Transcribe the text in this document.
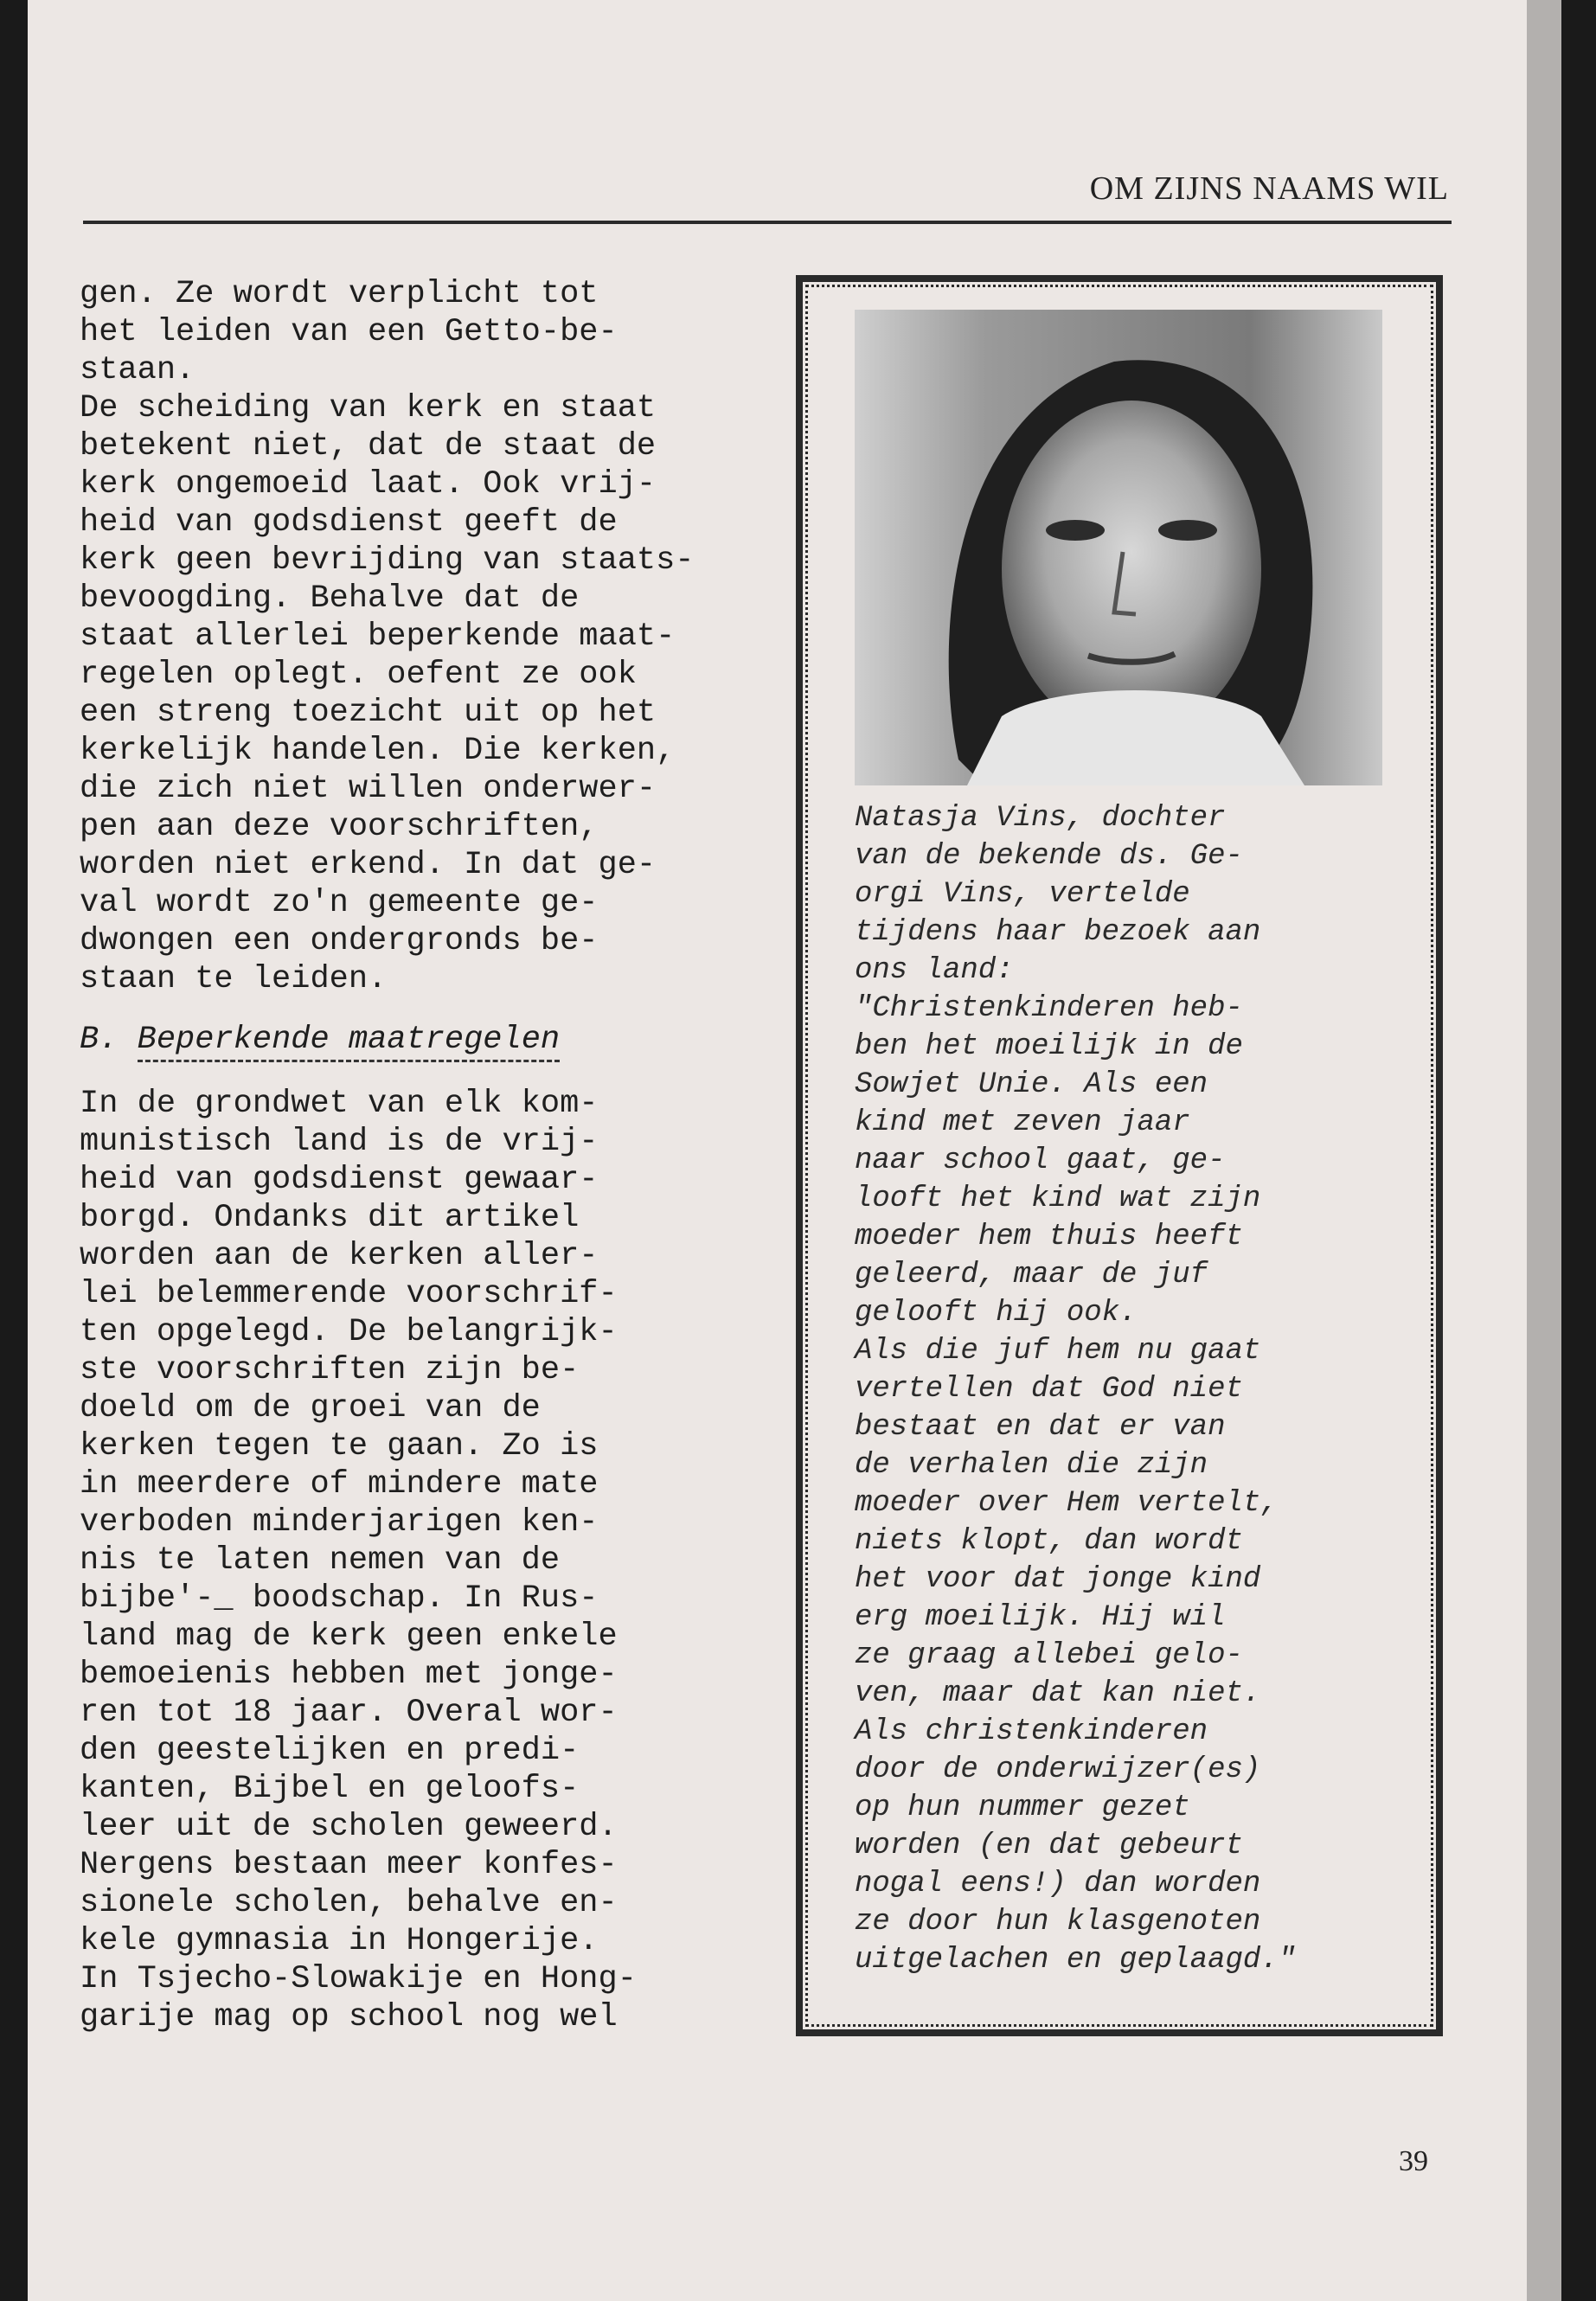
OM ZIJNS NAAMS WIL
gen. Ze wordt verplicht tot
het leiden van een Getto-be-
staan.
De scheiding van kerk en staat
betekent niet, dat de staat de
kerk ongemoeid laat. Ook vrij-
heid van godsdienst geeft de
kerk geen bevrijding van staats-
bevoogding. Behalve dat de
staat allerlei beperkende maat-
regelen oplegt. oefent ze ook
een streng toezicht uit op het
kerkelijk handelen. Die kerken,
die zich niet willen onderwer-
pen aan deze voorschriften,
worden niet erkend. In dat ge-
val wordt zo'n gemeente ge-
dwongen een ondergronds be-
staan te leiden.
B. Beperkende maatregelen
In de grondwet van elk kom-
munistisch land is de vrij-
heid van godsdienst gewaar-
borgd. Ondanks dit artikel
worden aan de kerken aller-
lei belemmerende voorschrif-
ten opgelegd. De belangrijk-
ste voorschriften zijn be-
doeld om de groei van de
kerken tegen te gaan. Zo is
in meerdere of mindere mate
verboden minderjarigen ken-
nis te laten nemen van de
bijbe'-_ boodschap. In Rus-
land mag de kerk geen enkele
bemoeienis hebben met jonge-
ren tot 18 jaar. Overal wor-
den geestelijken en predi-
kanten, Bijbel en geloofs-
leer uit de scholen geweerd.
Nergens bestaan meer konfes-
sionele scholen, behalve en-
kele gymnasia in Hongerije.
In Tsjecho-Slowakije en Hong-
garije mag op school nog wel
Natasja Vins, dochter
van de bekende ds. Ge-
orgi Vins, vertelde
tijdens haar bezoek aan
ons land:
"Christenkinderen heb-
ben het moeilijk in de
Sowjet Unie. Als een
kind met zeven jaar
naar school gaat, ge-
looft het kind wat zijn
moeder hem thuis heeft
geleerd, maar de juf
gelooft hij ook.
Als die juf hem nu gaat
vertellen dat God niet
bestaat en dat er van
de verhalen die zijn
moeder over Hem vertelt,
niets klopt, dan wordt
het voor dat jonge kind
erg moeilijk. Hij wil
ze graag allebei gelo-
ven, maar dat kan niet.
Als christenkinderen
door de onderwijzer(es)
op hun nummer gezet
worden (en dat gebeurt
nogal eens!) dan worden
ze door hun klasgenoten
uitgelachen en geplaagd."
39
